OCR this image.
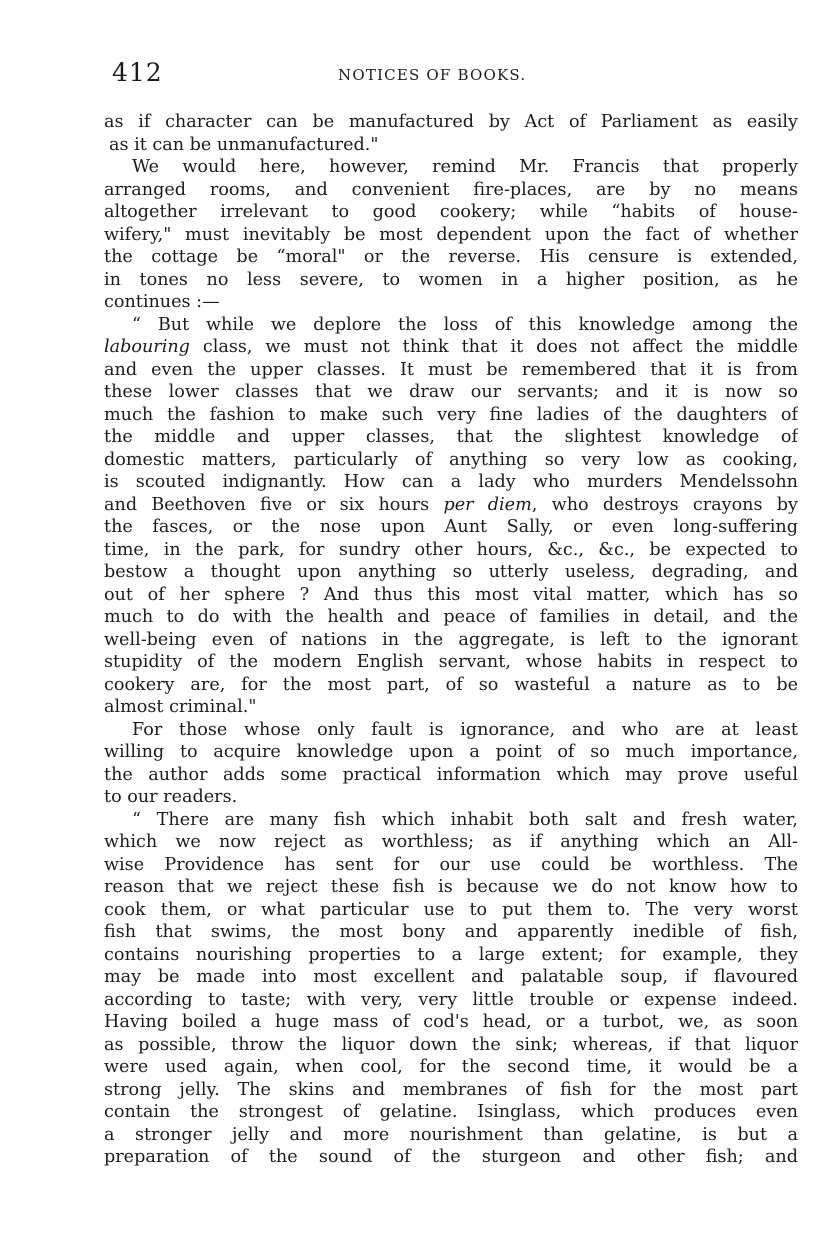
412	NOTICES OF BOOKS.
as if character can be manufactured by Act of Parliament as easily
as it can be unmanufactured."
We would here, however, remind Mr. Francis that properly
arranged rooms, and convenient fire-places, are by no means
altogether irrelevant to good cookery; while “habits of house-
wifery," must inevitably be most dependent upon the fact of whether
the cottage be “moral" or the reverse. His censure is extended,
in tones no less severe, to women in a higher position, as he
continues :—
“ But while we deplore the loss of this knowledge among the
labouring class, we must not think that it does not affect the middle
and even the upper classes. It must be remembered that it is from
these lower classes that we draw our servants; and it is now so
much the fashion to make such very fine ladies of the daughters of
the middle and upper classes, that the slightest knowledge of
domestic matters, particularly of anything so very low as cooking,
is scouted indignantly. How can a lady who murders Mendelssohn
and Beethoven five or six hours per diem, who destroys crayons by
the fasces, or the nose upon Aunt Sally, or even long-suffering
time, in the park, for sundry other hours, &c., &c., be expected to
bestow a thought upon anything so utterly useless, degrading, and
out of her sphere ? And thus this most vital matter, which has so
much to do with the health and peace of families in detail, and the
well-being even of nations in the aggregate, is left to the ignorant
stupidity of the modern English servant, whose habits in respect to
cookery are, for the most part, of so wasteful a nature as to be
almost criminal."
For those whose only fault is ignorance, and who are at least
willing to acquire knowledge upon a point of so much importance,
the author adds some practical information which may prove useful
to our readers.
“ There are many fish which inhabit both salt and fresh water,
which we now reject as worthless; as if anything which an All-
wise Providence has sent for our use could be worthless. The
reason that we reject these fish is because we do not know how to
cook them, or what particular use to put them to. The very worst
fish that swims, the most bony and apparently inedible of fish,
contains nourishing properties to a large extent; for example, they
may be made into most excellent and palatable soup, if flavoured
according to taste; with very, very little trouble or expense indeed.
Having boiled a huge mass of cod's head, or a turbot, we, as soon
as possible, throw the liquor down the sink; whereas, if that liquor
were used again, when cool, for the second time, it would be a
strong jelly. The skins and membranes of fish for the most part
contain the strongest of gelatine. Isinglass, which produces even
a stronger jelly and more nourishment than gelatine, is but a
preparation of the sound of the sturgeon and other fish; and
